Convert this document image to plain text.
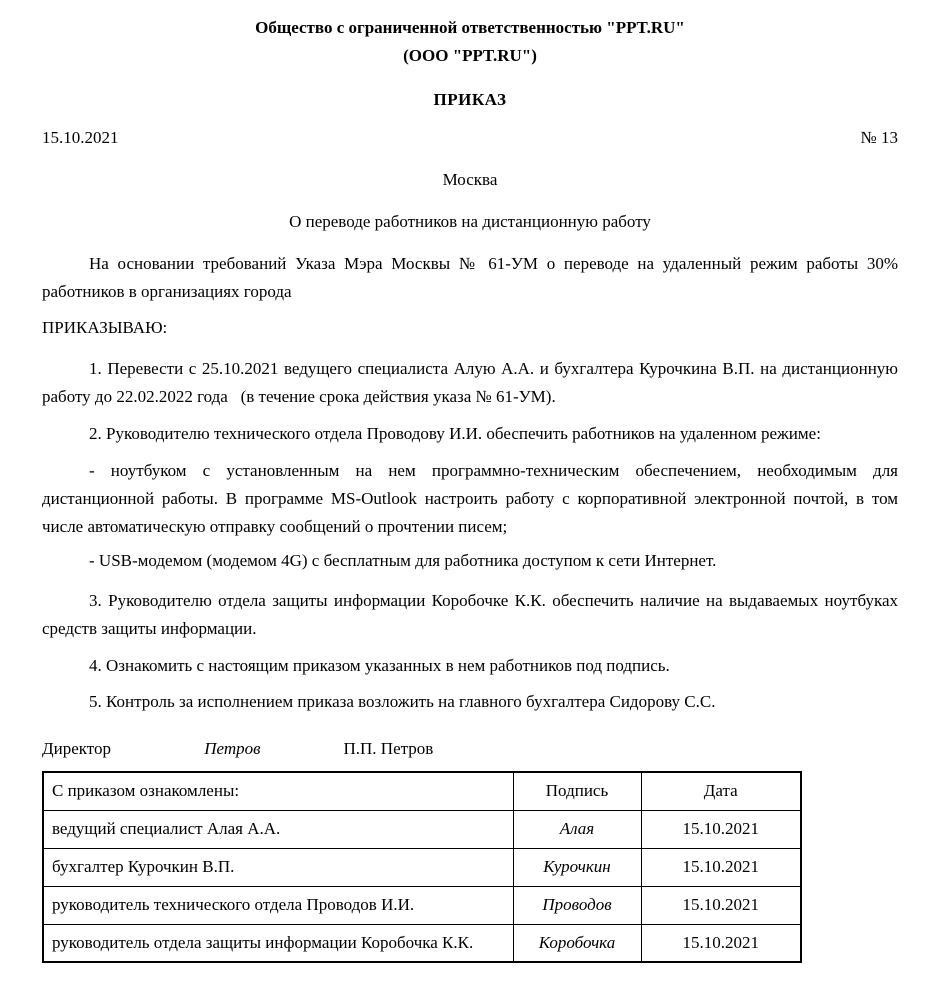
Общество с ограниченной ответственностью "PPT.RU"
(ООО "PPT.RU")
ПРИКАЗ
15.10.2021	№ 13
Москва
О переводе работников на дистанционную работу

На основании требований Указа Мэра Москвы № 61-УМ о переводе на удаленный режим работы 30% работников в организациях города

ПРИКАЗЫВАЮ:

1. Перевести с 25.10.2021 ведущего специалиста Алую А.А. и бухгалтера Курочкина В.П. на дистанционную работу до 22.02.2022 года   (в течение срока действия указа № 61-УМ).

2. Руководителю технического отдела Проводову И.И. обеспечить работников на удаленном режиме:

- ноутбуком с установленным на нем программно-техническим обеспечением, необходимым для дистанционной работы. В программе MS-Outlook настроить работу с корпоративной электронной почтой, в том числе автоматическую отправку сообщений о прочтении писем;

- USB-модемом (модемом 4G) с бесплатным для работника доступом к сети Интернет.

3. Руководителю отдела защиты информации Коробочке К.К. обеспечить наличие на выдаваемых ноутбуках средств защиты информации.

4. Ознакомить с настоящим приказом указанных в нем работников под подпись.

5. Контроль за исполнением приказа возложить на главного бухгалтера Сидорову С.С.

Директор	Петров	П.П. Петров
С приказом ознакомлены:	Подпись	Дата
ведущий специалист Алая А.А.	Алая	15.10.2021
бухгалтер Курочкин В.П.	Курочкин	15.10.2021
руководитель технического отдела Проводов И.И.	Проводов	15.10.2021
руководитель отдела защиты информации Коробочка К.К.	Коробочка	15.10.2021
